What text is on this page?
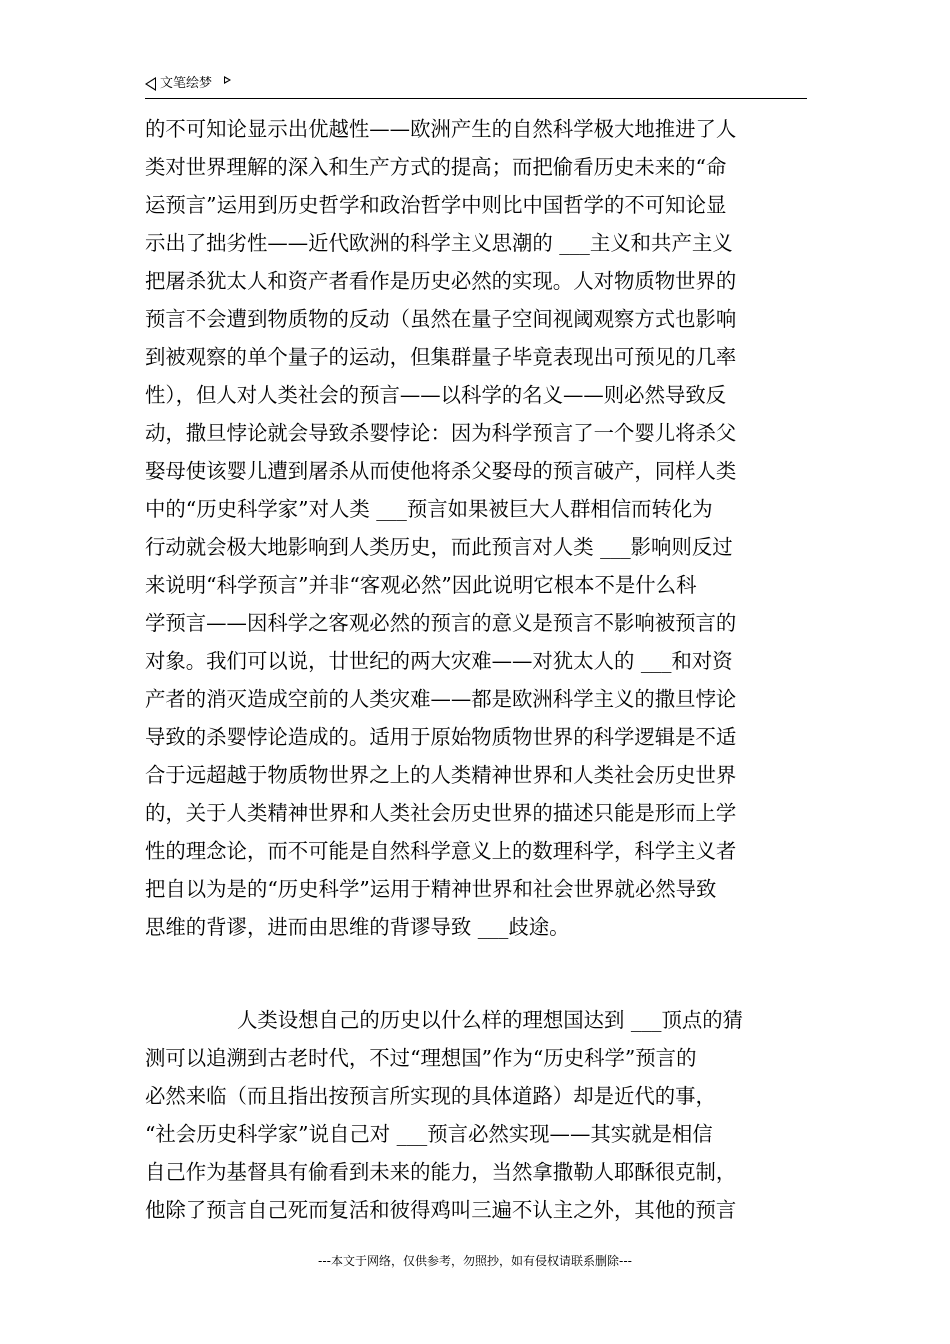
文笔绘梦
的不可知论显示出优越性——欧洲产生的自然科学极大地推进了人
类对世界理解的深入和生产方式的提高；而把偷看历史未来的“命
运预言”运用到历史哲学和政治哲学中则比中国哲学的不可知论显
示出了拙劣性——近代欧洲的科学主义思潮的 ___主义和共产主义
把屠杀犹太人和资产者看作是历史必然的实现。人对物质物世界的
预言不会遭到物质物的反动（虽然在量子空间视阈观察方式也影响
到被观察的单个量子的运动，但集群量子毕竟表现出可预见的几率
性），但人对人类社会的预言——以科学的名义——则必然导致反
动，撒旦悖论就会导致杀婴悖论：因为科学预言了一个婴儿将杀父
娶母使该婴儿遭到屠杀从而使他将杀父娶母的预言破产，同样人类
中的“历史科学家”对人类 ___预言如果被巨大人群相信而转化为
行动就会极大地影响到人类历史，而此预言对人类 ___影响则反过
来说明“科学预言”并非“客观必然”因此说明它根本不是什么科
学预言——因科学之客观必然的预言的意义是预言不影响被预言的
对象。我们可以说，廿世纪的两大灾难——对犹太人的 ___和对资
产者的消灭造成空前的人类灾难——都是欧洲科学主义的撒旦悖论
导致的杀婴悖论造成的。适用于原始物质物世界的科学逻辑是不适
合于远超越于物质物世界之上的人类精神世界和人类社会历史世界
的，关于人类精神世界和人类社会历史世界的描述只能是形而上学
性的理念论，而不可能是自然科学意义上的数理科学，科学主义者
把自以为是的“历史科学”运用于精神世界和社会世界就必然导致
思维的背谬，进而由思维的背谬导致 ___歧途。
人类设想自己的历史以什么样的理想国达到 ___顶点的猜
测可以追溯到古老时代，不过“理想国”作为“历史科学”预言的
必然来临（而且指出按预言所实现的具体道路）却是近代的事，
“社会历史科学家”说自己对 ___预言必然实现——其实就是相信
自己作为基督具有偷看到未来的能力，当然拿撒勒人耶酥很克制，
他除了预言自己死而复活和彼得鸡叫三遍不认主之外，其他的预言
---本文于网络，仅供参考，勿照抄，如有侵权请联系删除---
